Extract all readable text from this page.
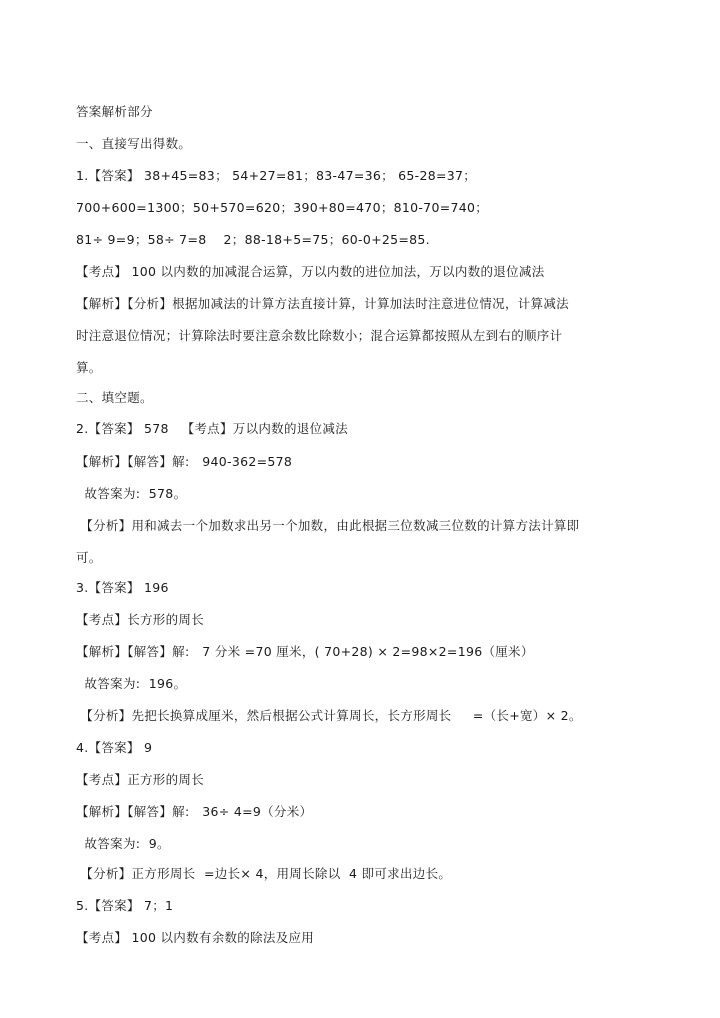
答案解析部分
一、直接写出得数。
1.【答案】 38+45=83； 54+27=81；83-47=36； 65-28=37；
700+600=1300；50+570=620；390+80=470；810-70=740；
81÷ 9=9；58÷ 7=8    2；88-18+5=75；60-0+25=85.
【考点】 100 以内数的加减混合运算，万以内数的进位加法，万以内数的退位减法
【解析】【分析】根据加减法的计算方法直接计算，计算加法时注意进位情况，计算减法
时注意退位情况；计算除法时要注意余数比除数小；混合运算都按照从左到右的顺序计
算。
二、填空题。
2.【答案】 578   【考点】万以内数的退位减法
【解析】【解答】解:   940-362=578
故答案为:  578。
【分析】用和减去一个加数求出另一个加数，由此根据三位数减三位数的计算方法计算即
可。
3.【答案】 196
【考点】长方形的周长
【解析】【解答】解:   7 分米 =70 厘米，( 70+28) × 2=98×2=196（厘米）
故答案为:  196。
【分析】先把长换算成厘米，然后根据公式计算周长，长方形周长     =（长+宽）× 2。
4.【答案】 9
【考点】正方形的周长
【解析】【解答】解:   36÷ 4=9（分米）
故答案为:  9。
【分析】正方形周长  =边长× 4，用周长除以  4 即可求出边长。
5.【答案】 7；1
【考点】 100 以内数有余数的除法及应用
